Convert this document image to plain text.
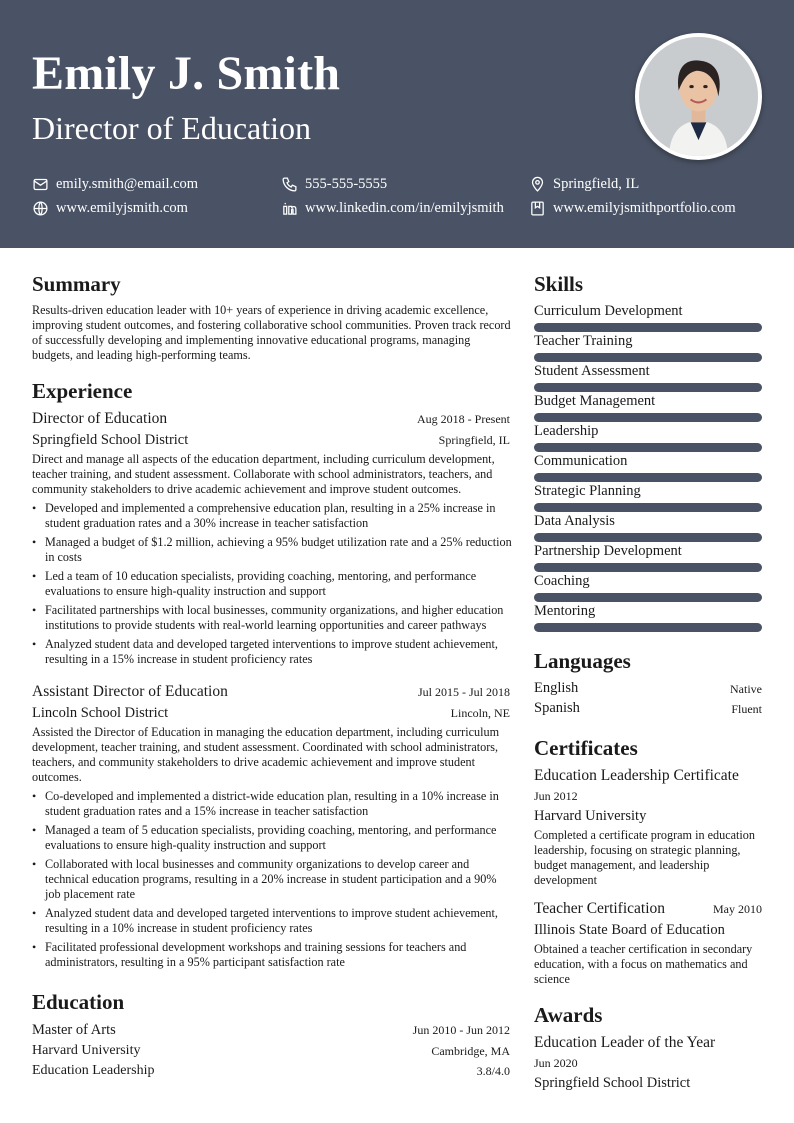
Emily J. Smith
Director of Education
emily.smith@email.com	555-555-5555	Springfield, IL
www.emilyjsmith.com	www.linkedin.com/in/emilyjsmith	www.emilyjsmithportfolio.com
Summary
Results-driven education leader with 10+ years of experience in driving academic excellence, improving student outcomes, and fostering collaborative school communities. Proven track record of successfully developing and implementing innovative educational programs, managing budgets, and leading high-performing teams.
Experience
Director of Education	Aug 2018 - Present
Springfield School District	Springfield, IL
Direct and manage all aspects of the education department, including curriculum development, teacher training, and student assessment. Collaborate with school administrators, teachers, and community stakeholders to drive academic achievement and improve student outcomes.
• Developed and implemented a comprehensive education plan, resulting in a 25% increase in student graduation rates and a 30% increase in teacher satisfaction
• Managed a budget of $1.2 million, achieving a 95% budget utilization rate and a 25% reduction in costs
• Led a team of 10 education specialists, providing coaching, mentoring, and performance evaluations to ensure high-quality instruction and support
• Facilitated partnerships with local businesses, community organizations, and higher education institutions to provide students with real-world learning opportunities and career pathways
• Analyzed student data and developed targeted interventions to improve student achievement, resulting in a 15% increase in student proficiency rates
Assistant Director of Education	Jul 2015 - Jul 2018
Lincoln School District	Lincoln, NE
Assisted the Director of Education in managing the education department, including curriculum development, teacher training, and student assessment. Coordinated with school administrators, teachers, and community stakeholders to drive academic achievement and improve student outcomes.
• Co-developed and implemented a district-wide education plan, resulting in a 10% increase in student graduation rates and a 15% increase in teacher satisfaction
• Managed a team of 5 education specialists, providing coaching, mentoring, and performance evaluations to ensure high-quality instruction and support
• Collaborated with local businesses and community organizations to develop career and technical education programs, resulting in a 20% increase in student participation and a 90% job placement rate
• Analyzed student data and developed targeted interventions to improve student achievement, resulting in a 10% increase in student proficiency rates
• Facilitated professional development workshops and training sessions for teachers and administrators, resulting in a 95% participant satisfaction rate
Education
Master of Arts	Jun 2010 - Jun 2012
Harvard University	Cambridge, MA
Education Leadership	3.8/4.0
Skills
Curriculum Development
Teacher Training
Student Assessment
Budget Management
Leadership
Communication
Strategic Planning
Data Analysis
Partnership Development
Coaching
Mentoring
Languages
English	Native
Spanish	Fluent
Certificates
Education Leadership Certificate
Jun 2012
Harvard University
Completed a certificate program in education leadership, focusing on strategic planning, budget management, and leadership development
Teacher Certification	May 2010
Illinois State Board of Education
Obtained a teacher certification in secondary education, with a focus on mathematics and science
Awards
Education Leader of the Year
Jun 2020
Springfield School District
